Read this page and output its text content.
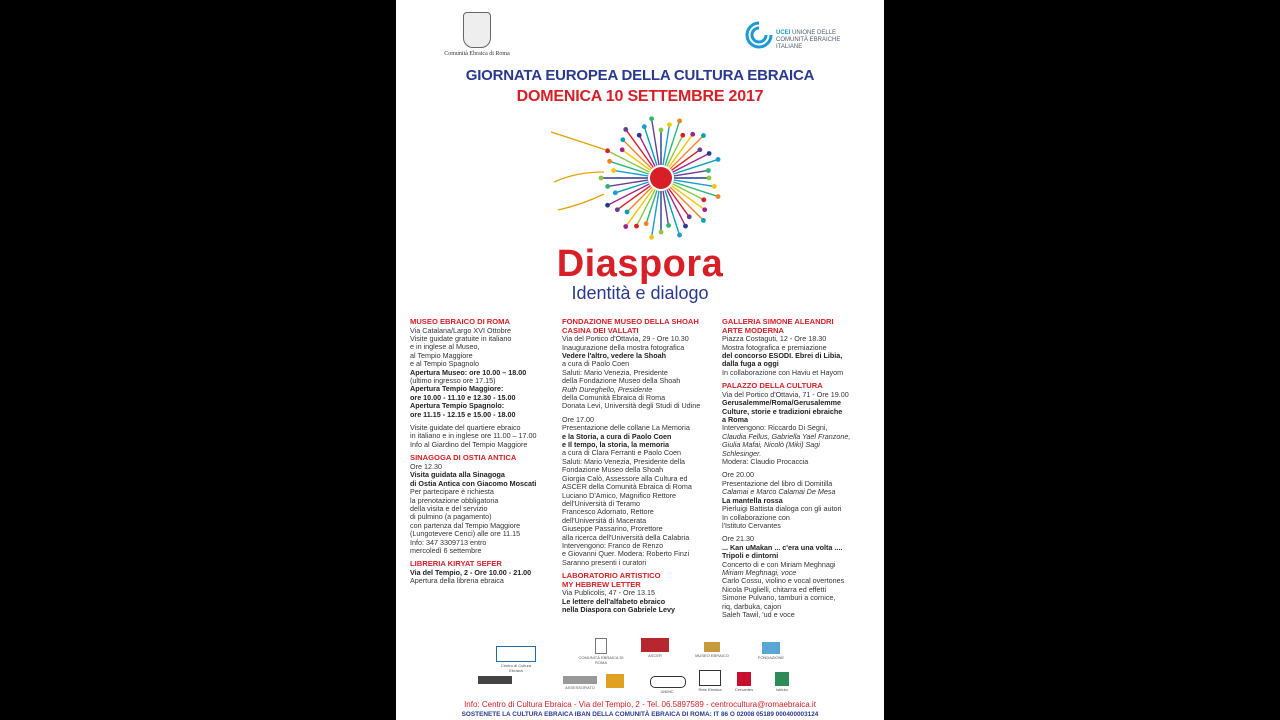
Comunità Ebraica di Roma
UCEI UNIONE DELLE COMUNITÀ EBRAICHE ITALIANE
GIORNATA EUROPEA DELLA CULTURA EBRAICA
DOMENICA 10 SETTEMBRE 2017
Diaspora
Identità e dialogo
MUSEO EBRAICO DI ROMA
Via Catalana/Largo XVI Ottobre
Visite guidate gratuite in italiano
e in inglese al Museo,
al Tempio Maggiore
e al Tempio Spagnolo
Apertura Museo: ore 10.00 – 18.00
(ultimo ingresso ore 17.15)
Apertura Tempio Maggiore:
ore 10.00 - 11.10 e 12.30 - 15.00
Apertura Tempio Spagnolo:
ore 11.15 - 12.15 e 15.00 - 18.00
Visite guidate del quartiere ebraico
in italiano e in inglese ore 11.00 – 17.00
Info al Giardino del Tempio Maggiore
SINAGOGA DI OSTIA ANTICA
Ore 12.30
Visita guidata alla Sinagoga
di Ostia Antica con Giacomo Moscati
Per partecipare è richiesta
la prenotazione obbligatoria
della visita e del servizio
di pulmino (a pagamento)
con partenza dal Tempio Maggiore
(Lungotevere Cenci) alle ore 11.15
Info: 347 3309713 entro
mercoledì 6 settembre
LIBRERIA KIRYAT SEFER
Via del Tempio, 2 - Ore 10.00 - 21.00
Apertura della libreria ebraica
FONDAZIONE MUSEO DELLA SHOAH
CASINA DEI VALLATI
Via del Portico d'Ottavia, 29 - Ore 10.30
Inaugurazione della mostra fotografica
Vedere l'altro, vedere la Shoah
a cura di Paolo Coen
Saluti: Mario Venezia, Presidente
della Fondazione Museo della Shoah
Ruth Dureghello, Presidente
della Comunità Ebraica di Roma
Donata Levi, Università degli Studi di Udine
Ore 17.00
Presentazione delle collane La Memoria
e la Storia, a cura di Paolo Coen
e Il tempo, la storia, la memoria
a cura di Clara Ferranti e Paolo Coen
Saluti: Mario Venezia, Presidente della
Fondazione Museo della Shoah
Giorgia Calò, Assessore alla Cultura ed
ASCER della Comunità Ebraica di Roma
Luciano D'Amico, Magnifico Rettore
dell'Università di Teramo
Francesco Adornato, Rettore
dell'Università di Macerata
Giuseppe Passarino, Prorettore
alla ricerca dell'Università della Calabria
Intervengono: Franco de Renzo
e Giovanni Quer. Modera: Roberto Finzi
Saranno presenti i curatori
LABORATORIO ARTISTICO
MY HEBREW LETTER
Via Publicolis, 47 - Ore 13.15
Le lettere dell'alfabeto ebraico
nella Diaspora con Gabriele Levy
GALLERIA SIMONE ALEANDRI
ARTE MODERNA
Piazza Costaguti, 12 - Ore 18.30
Mostra fotografica e premiazione
del concorso ESODI. Ebrei di Libia,
dalla fuga a oggi
In collaborazione con Haviu et Hayom
PALAZZO DELLA CULTURA
Via del Portico d'Ottavia, 71 - Ore 19.00
Gerusalemme/Roma/Gerusalemme
Culture, storie e tradizioni ebraiche
a Roma
Intervengono: Riccardo Di Segni,
Claudia Fellus, Gabriella Yael Franzone,
Giulia Mafai, Nicolò (Miki) Sagi
Schlesinger.
Modera: Claudio Procaccia
Ore 20.00
Presentazione del libro di Domitilla
Calamai e Marco Calamai De Mesa
La mantella rossa
Pierluigi Battista dialoga con gli autori
In collaborazione con
l'Istituto Cervantes
Ore 21.30
... Kan uMakan ... c'era una volta ....
Tripoli e dintorni
Concerto di e con Miriam Meghnagi
Miriam Meghnagi, voce
Carlo Cossu, violino e vocal overtones
Nicola Puglielli, chitarra ed effetti
Simone Pulvano, tamburi a cornice,
riq, darbuka, cajon
Saleh Tawil, 'ud e voce
Centro di Cultura Ebraica
COMUNITÀ EBRAICA DI ROMA
ASCER	MUSEO EBRAICO	FONDAZIONE
ASSESSORATO
UNIMC	Rete Ebraica	Cervantes	Istituto
Info: Centro di Cultura Ebraica - Via del Tempio, 2 - Tel. 06.5897589 - centrocultura@romaebraica.it
SOSTENETE LA CULTURA EBRAICA IBAN DELLA COMUNITÀ EBRAICA DI ROMA: IT 86 O 02008 05189 000400003124
